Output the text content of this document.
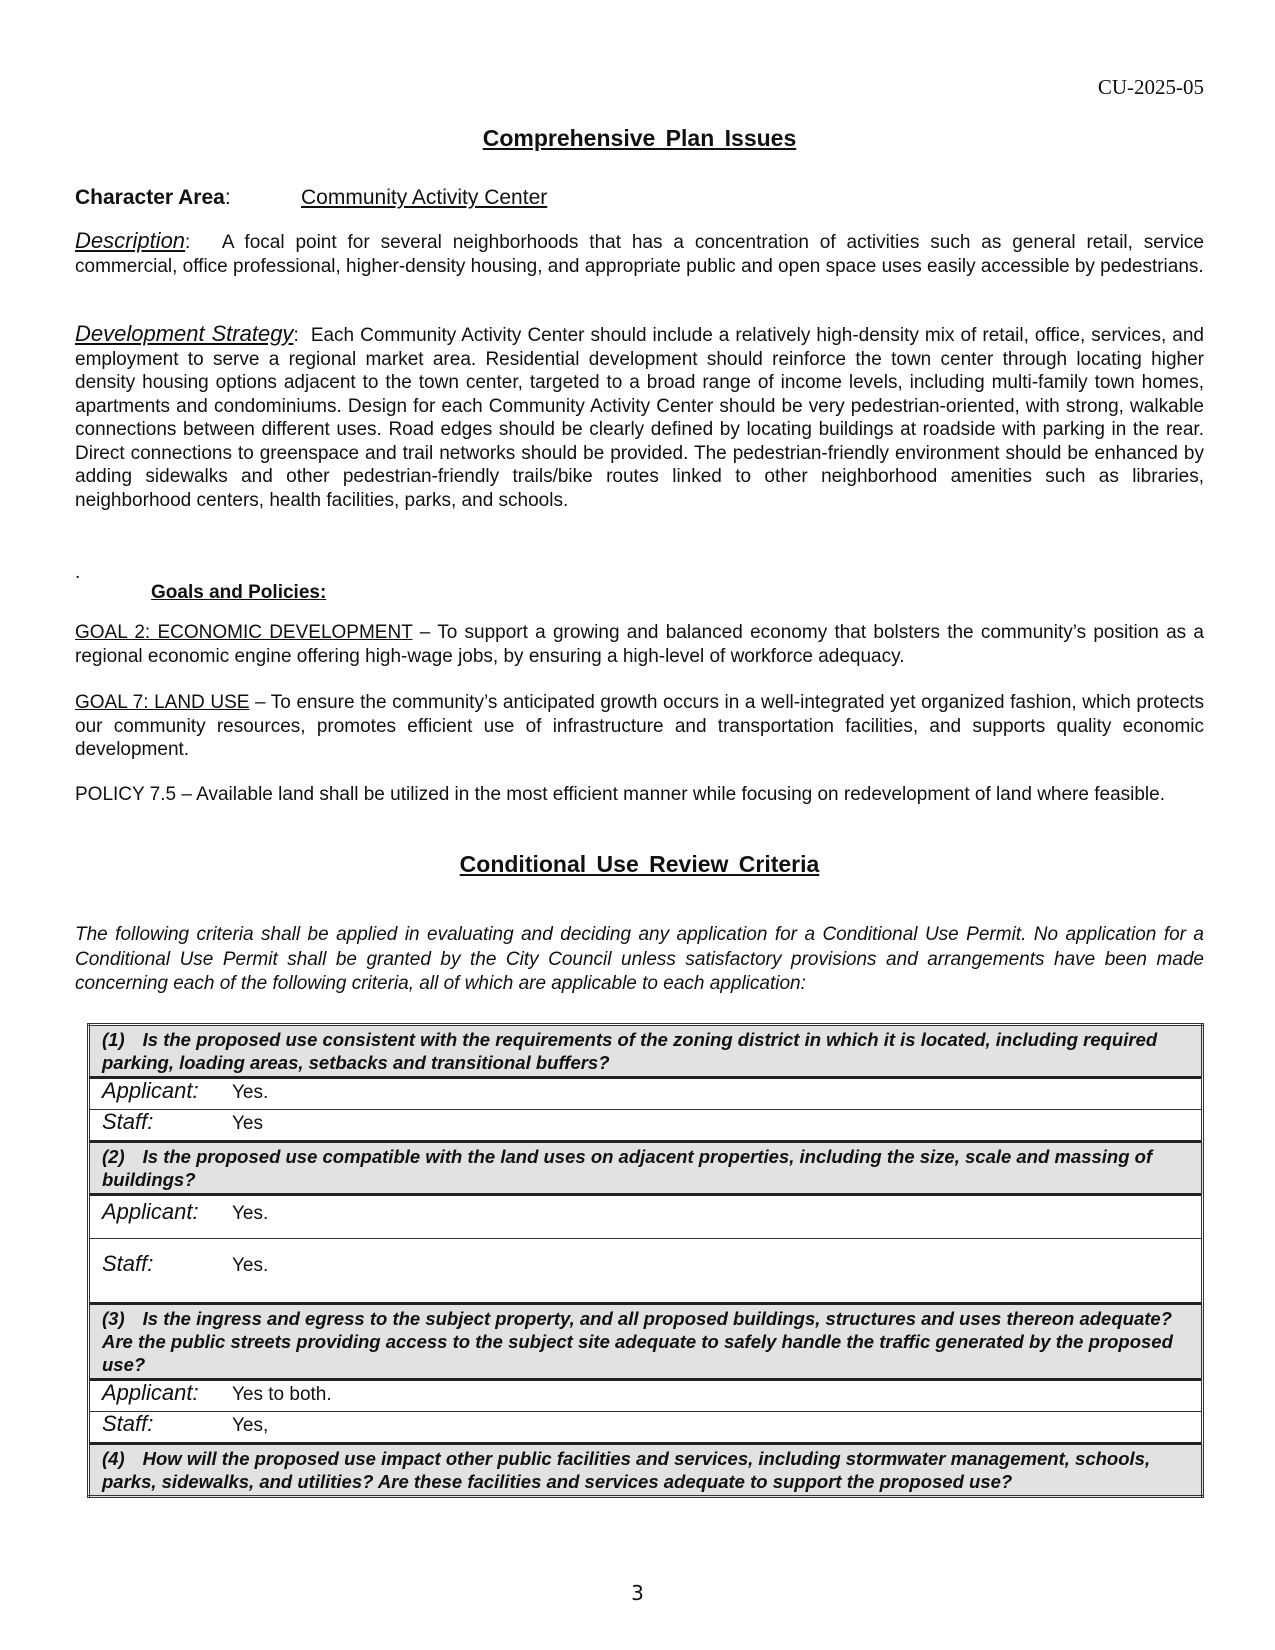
CU-2025-05
Comprehensive Plan Issues
Character Area:	Community Activity Center
Description:   A focal point for several neighborhoods that has a concentration of activities such as general retail, service commercial, office professional, higher-density housing, and appropriate public and open space uses easily accessible by pedestrians.
Development Strategy:  Each Community Activity Center should include a relatively high-density mix of retail, office, services, and employment to serve a regional market area. Residential development should reinforce the town center through locating higher density housing options adjacent to the town center, targeted to a broad range of income levels, including multi-family town homes, apartments and condominiums. Design for each Community Activity Center should be very pedestrian-oriented, with strong, walkable connections between different uses. Road edges should be clearly defined by locating buildings at roadside with parking in the rear. Direct connections to greenspace and trail networks should be provided. The pedestrian-friendly environment should be enhanced by adding sidewalks and other pedestrian-friendly trails/bike routes linked to other neighborhood amenities such as libraries, neighborhood centers, health facilities, parks, and schools.
.
Goals and Policies:
GOAL 2: ECONOMIC DEVELOPMENT – To support a growing and balanced economy that bolsters the community’s position as a regional economic engine offering high-wage jobs, by ensuring a high-level of workforce adequacy.
GOAL 7: LAND USE – To ensure the community’s anticipated growth occurs in a well-integrated yet organized fashion, which protects our community resources, promotes efficient use of infrastructure and transportation facilities, and supports quality economic development.
POLICY 7.5 – Available land shall be utilized in the most efficient manner while focusing on redevelopment of land where feasible.
Conditional Use Review Criteria
The following criteria shall be applied in evaluating and deciding any application for a Conditional Use Permit. No application for a Conditional Use Permit shall be granted by the City Council unless satisfactory provisions and arrangements have been made concerning each of the following criteria, all of which are applicable to each application:
(1) Is the proposed use consistent with the requirements of the zoning district in which it is located, including required parking, loading areas, setbacks and transitional buffers?
Applicant: Yes.
Staff:	Yes
(2) Is the proposed use compatible with the land uses on adjacent properties, including the size, scale and massing of buildings?
Applicant: Yes.
Staff:	Yes.
(3) Is the ingress and egress to the subject property, and all proposed buildings, structures and uses thereon adequate? Are the public streets providing access to the subject site adequate to safely handle the traffic generated by the proposed use?
Applicant: Yes to both.
Staff:	Yes,
(4) How will the proposed use impact other public facilities and services, including stormwater management, schools, parks, sidewalks, and utilities? Are these facilities and services adequate to support the proposed use?
3
